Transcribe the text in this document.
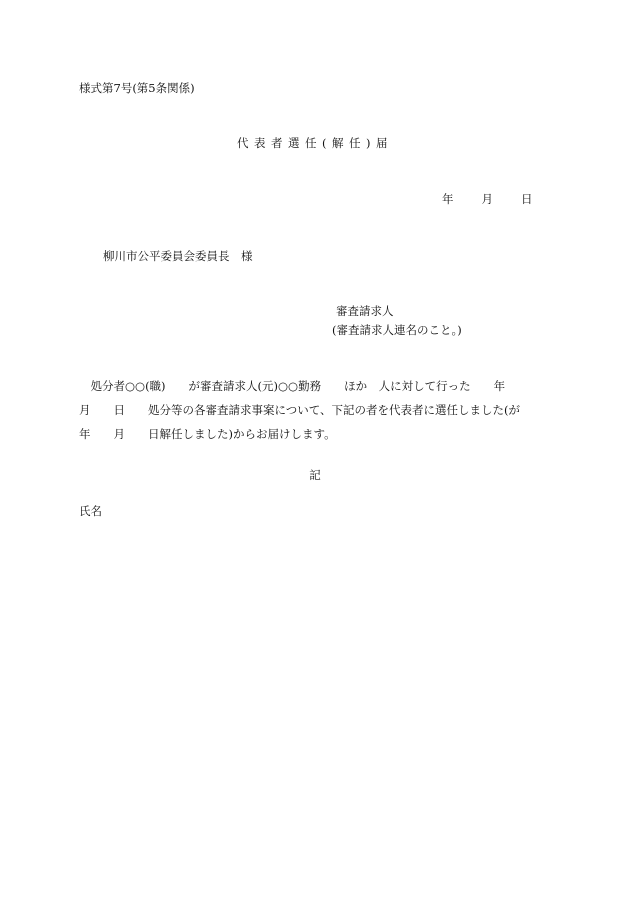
様式第7号(第5条関係)
代表者選任(解任)届
年 月 日
柳川市公平委員会委員長　様
審査請求人
(審査請求人連名のこと。)
　処分者○○(職)　　が審査請求人(元)○○勤務　　ほか　人に対して行った　　年
月　　日　　処分等の各審査請求事案について、下記の者を代表者に選任しました(が
年　　月　　日解任しました)からお届けします。
記
氏名
